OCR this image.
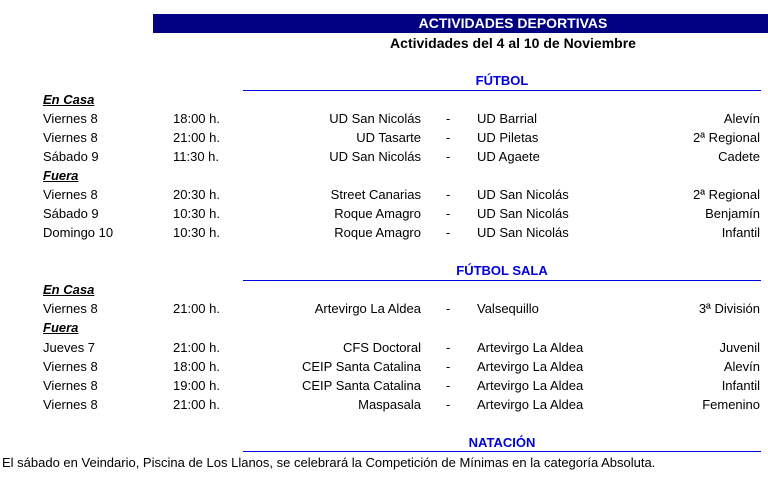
ACTIVIDADES DEPORTIVAS
Actividades del 4 al 10 de Noviembre
FÚTBOL
En Casa
Viernes 8	18:00 h.	UD San Nicolás - UD Barrial	Alevín
Viernes 8	21:00 h.	UD Tasarte - UD Piletas	2ª Regional
Sábado 9	11:30 h.	UD San Nicolás - UD Agaete	Cadete
Fuera
Viernes 8	20:30 h.	Street Canarias - UD San Nicolás	2ª Regional
Sábado 9	10:30 h.	Roque Amagro - UD San Nicolás	Benjamín
Domingo 10	10:30 h.	Roque Amagro - UD San Nicolás	Infantil
FÚTBOL SALA
En Casa
Viernes 8	21:00 h.	Artevirgo La Aldea - Valsequillo	3ª División
Fuera
Jueves 7	21:00 h.	CFS Doctoral - Artevirgo La Aldea	Juvenil
Viernes 8	18:00 h.	CEIP Santa Catalina - Artevirgo La Aldea	Alevín
Viernes 8	19:00 h.	CEIP Santa Catalina - Artevirgo La Aldea	Infantil
Viernes 8	21:00 h.	Maspasala - Artevirgo La Aldea	Femenino
NATACIÓN
El sábado en Veindario, Piscina de Los Llanos, se celebrará la Competición de Mínimas en la categoría Absoluta.
